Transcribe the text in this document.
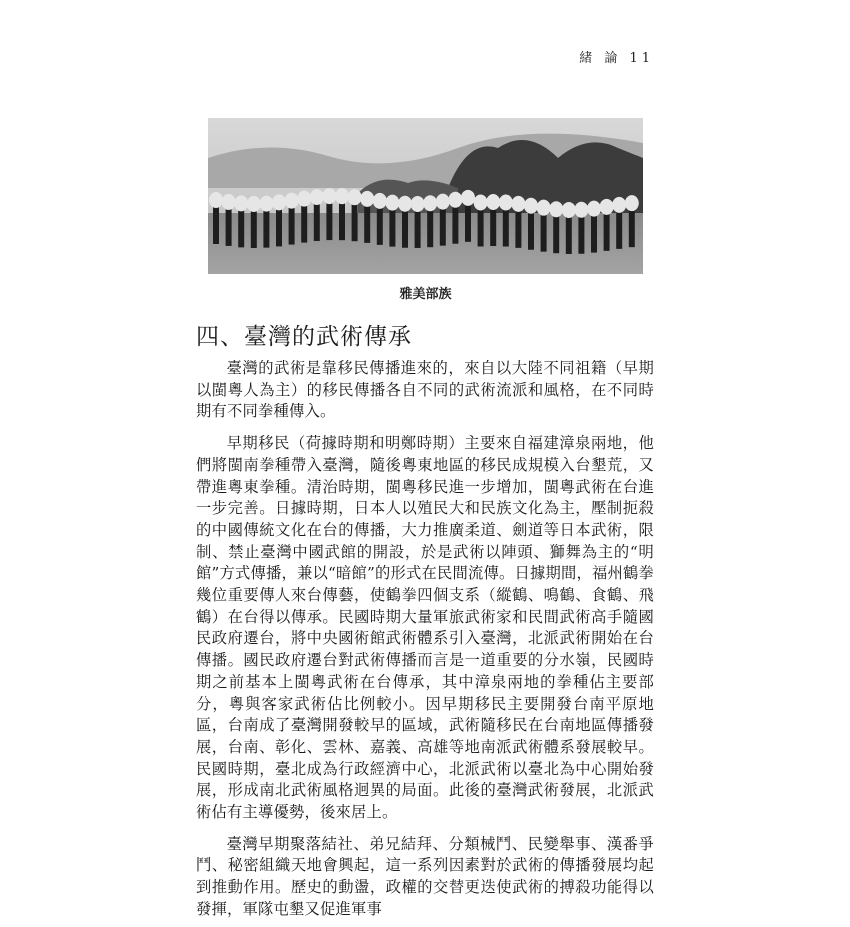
緒 論 11
雅美部族
四、臺灣的武術傳承

臺灣的武術是靠移民傳播進來的，來自以大陸不同祖籍（早期以閩粵人為主）的移民傳播各自不同的武術流派和風格，在不同時期有不同拳種傳入。

早期移民（荷據時期和明鄭時期）主要來自福建漳泉兩地，他們將閩南拳種帶入臺灣，隨後粵東地區的移民成規模入台墾荒，又帶進粵東拳種。清治時期，閩粵移民進一步增加，閩粵武術在台進一步完善。日據時期，日本人以殖民大和民族文化為主，壓制扼殺的中國傳統文化在台的傳播，大力推廣柔道、劍道等日本武術，限制、禁止臺灣中國武館的開設，於是武術以陣頭、獅舞為主的“明館”方式傳播，兼以“暗館”的形式在民間流傳。日據期間，福州鶴拳幾位重要傳人來台傳藝，使鶴拳四個支系（縱鶴、鳴鶴、食鶴、飛鶴）在台得以傳承。民國時期大量軍旅武術家和民間武術高手隨國民政府遷台，將中央國術館武術體系引入臺灣，北派武術開始在台傳播。國民政府遷台對武術傳播而言是一道重要的分水嶺，民國時期之前基本上閩粵武術在台傳承，其中漳泉兩地的拳種佔主要部分，粵與客家武術佔比例較小。因早期移民主要開發台南平原地區，台南成了臺灣開發較早的區域，武術隨移民在台南地區傳播發展，台南、彰化、雲林、嘉義、高雄等地南派武術體系發展較早。民國時期，臺北成為行政經濟中心，北派武術以臺北為中心開始發展，形成南北武術風格迥異的局面。此後的臺灣武術發展，北派武術佔有主導優勢，後來居上。

臺灣早期聚落結社、弟兄結拜、分類械鬥、民變舉事、漢番爭鬥、秘密組織天地會興起，這一系列因素對於武術的傳播發展均起到推動作用。歷史的動盪，政權的交替更迭使武術的搏殺功能得以發揮，軍隊屯墾又促進軍事
